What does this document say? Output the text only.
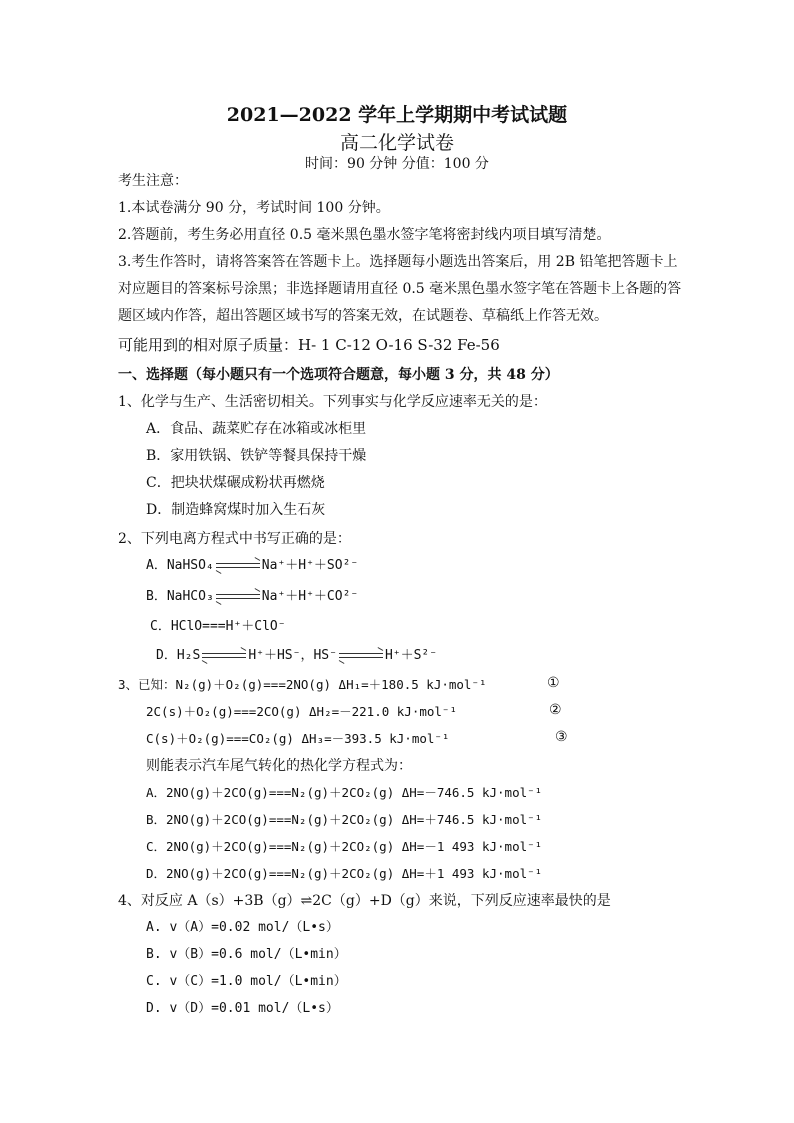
2021—2022 学年上学期期中考试试题
高二化学试卷
时间：90 分钟 分值：100 分
考生注意：
1.本试卷满分 90 分，考试时间 100 分钟。
2.答题前，考生务必用直径 0.5 毫米黑色墨水签字笔将密封线内项目填写清楚。
3.考生作答时，请将答案答在答题卡上。选择题每小题选出答案后，用 2B 铅笔把答题卡上
对应题目的答案标号涂黑；非选择题请用直径 0.5 毫米黑色墨水签字笔在答题卡上各题的答
题区域内作答，超出答题区域书写的答案无效，在试题卷、草稿纸上作答无效。
可能用到的相对原子质量：H- 1 C-12 O-16 S-32 Fe-56
一、选择题（每小题只有一个选项符合题意，每小题 3 分，共 48 分）
1、化学与生产、生活密切相关。下列事实与化学反应速率无关的是：
A．食品、蔬菜贮存在冰箱或冰柜里
B．家用铁锅、铁铲等餐具保持干燥
C．把块状煤碾成粉状再燃烧
D．制造蜂窝煤时加入生石灰
2、下列电离方程式中书写正确的是：
A．NaHSO₄	Na⁺＋H⁺＋SO²⁻
B．NaHCO₃	Na⁺＋H⁺＋CO²⁻
C．HClO===H⁺＋ClO⁻
D．H₂S	H⁺＋HS⁻，HS⁻	H⁺＋S²⁻
3、已知：N₂(g)＋O₂(g)===2NO(g) ΔH₁=＋180.5 kJ·mol⁻¹	①
2C(s)＋O₂(g)===2CO(g) ΔH₂=－221.0 kJ·mol⁻¹	②
C(s)＋O₂(g)===CO₂(g) ΔH₃=－393.5 kJ·mol⁻¹	③
则能表示汽车尾气转化的热化学方程式为：
A．2NO(g)＋2CO(g)===N₂(g)＋2CO₂(g) ΔH=－746.5 kJ·mol⁻¹
B．2NO(g)＋2CO(g)===N₂(g)＋2CO₂(g) ΔH=＋746.5 kJ·mol⁻¹
C．2NO(g)＋2CO(g)===N₂(g)＋2CO₂(g) ΔH=－1 493 kJ·mol⁻¹
D．2NO(g)＋2CO(g)===N₂(g)＋2CO₂(g) ΔH=＋1 493 kJ·mol⁻¹
4、对反应 A（s）+3B（g）⇌2C（g）+D（g）来说，下列反应速率最快的是
A. v（A）=0.02 mol/（L•s）
B. v（B）=0.6 mol/（L•min）
C. v（C）=1.0 mol/（L•min）
D. v（D）=0.01 mol/（L•s）
